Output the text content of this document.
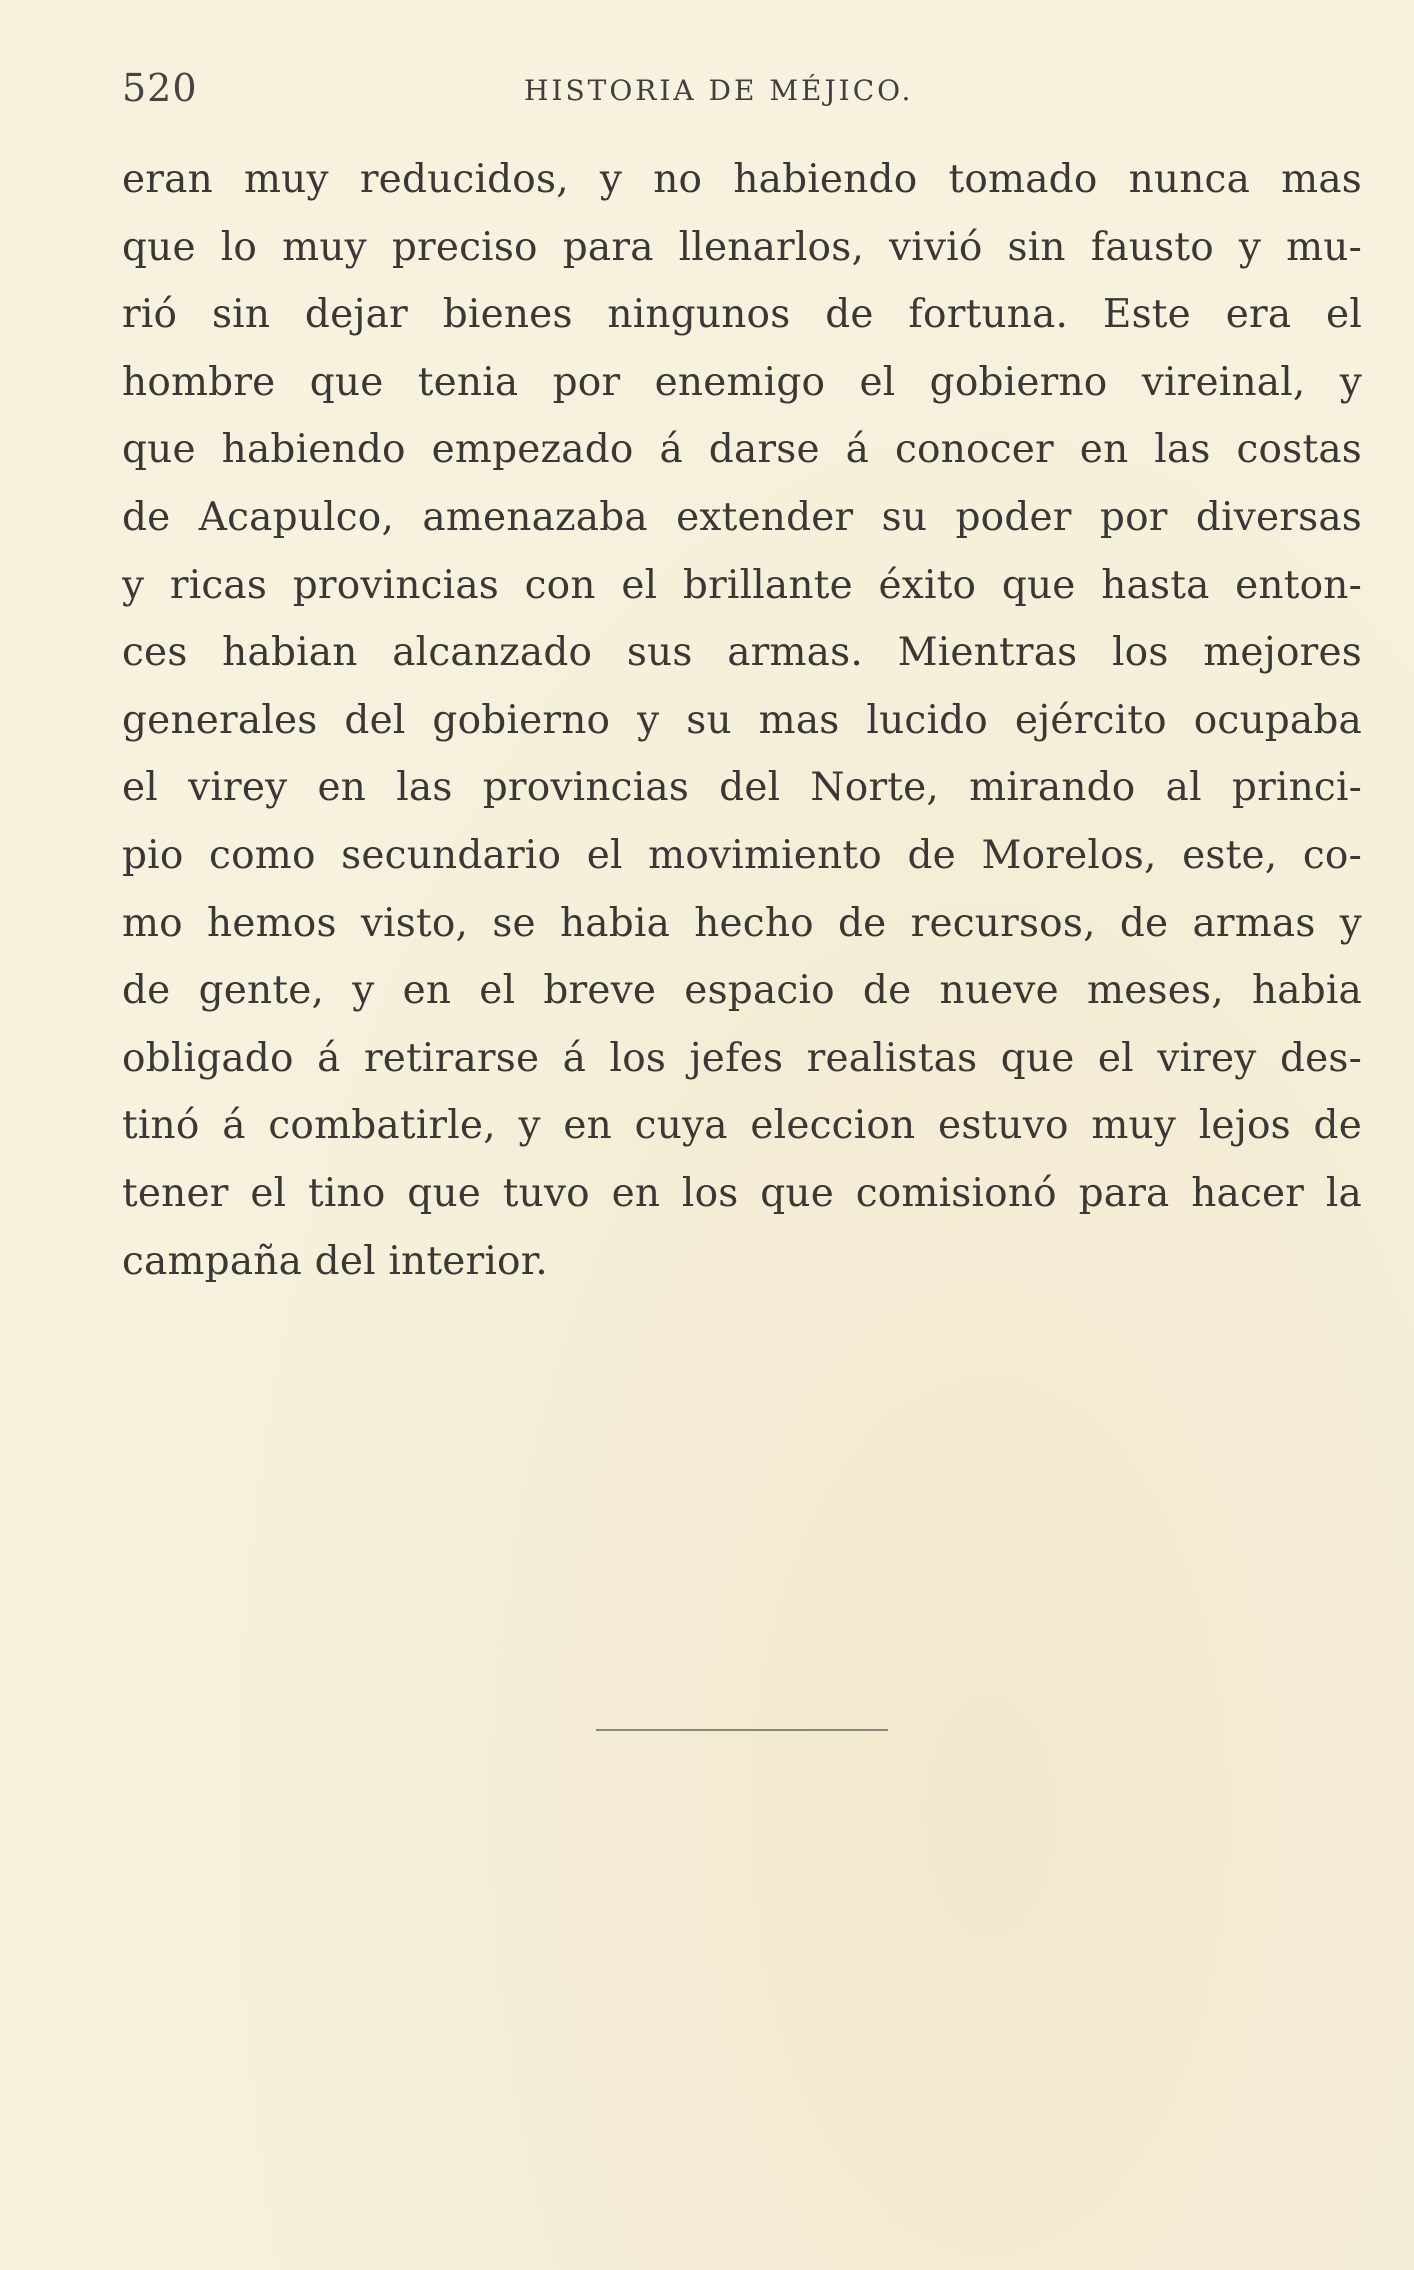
520	HISTORIA DE MÉJICO.
eran muy reducidos, y no habiendo tomado nunca mas
que lo muy preciso para llenarlos, vivió sin fausto y mu-
rió sin dejar bienes ningunos de fortuna. Este era el
hombre que tenia por enemigo el gobierno vireinal, y
que habiendo empezado á darse á conocer en las costas
de Acapulco, amenazaba extender su poder por diversas
y ricas provincias con el brillante éxito que hasta enton-
ces habian alcanzado sus armas. Mientras los mejores
generales del gobierno y su mas lucido ejército ocupaba
el virey en las provincias del Norte, mirando al princi-
pio como secundario el movimiento de Morelos, este, co-
mo hemos visto, se habia hecho de recursos, de armas y
de gente, y en el breve espacio de nueve meses, habia
obligado á retirarse á los jefes realistas que el virey des-
tinó á combatirle, y en cuya eleccion estuvo muy lejos de
tener el tino que tuvo en los que comisionó para hacer la
campaña del interior.
